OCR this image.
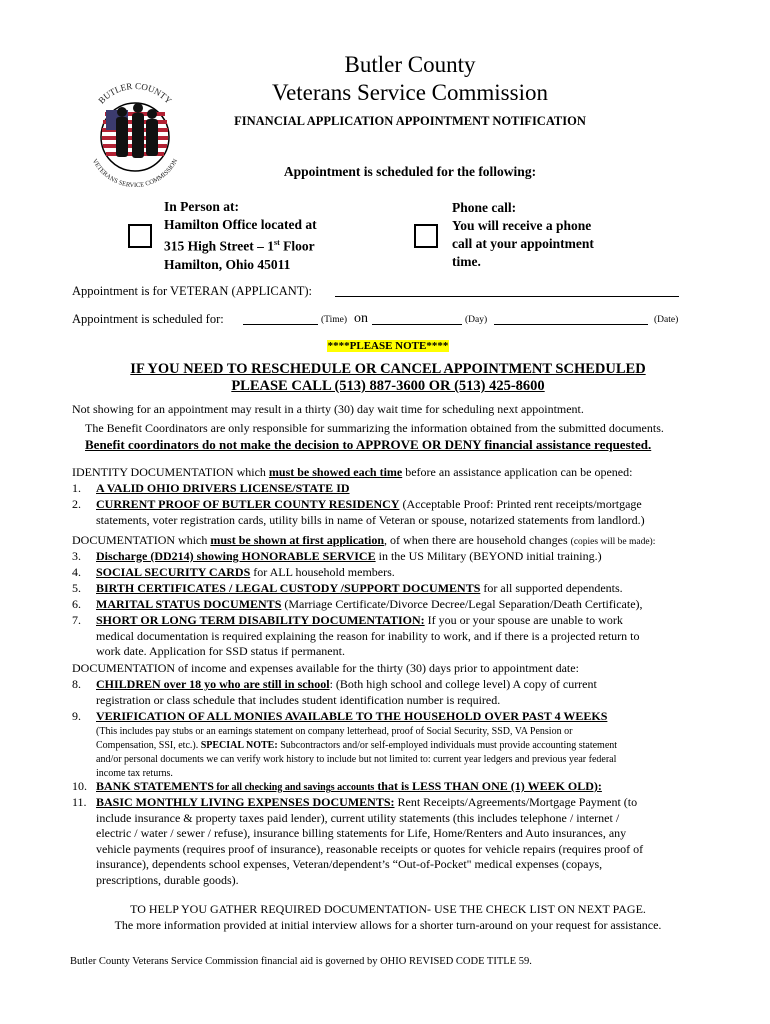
BUTLER COUNTY
VETERANS SERVICE COMMISSION
Butler County
Veterans Service Commission
FINANCIAL APPLICATION APPOINTMENT NOTIFICATION
Appointment is scheduled for the following:
In Person at:
Hamilton Office located at
315 High Street – 1st Floor
Hamilton, Ohio 45011
Phone call:
You will receive a phone
call at your appointment
time.
Appointment is for VETERAN (APPLICANT):
Appointment is scheduled for:	(Time) on	(Day)	(Date)
****PLEASE NOTE****
IF YOU NEED TO RESCHEDULE OR CANCEL APPOINTMENT SCHEDULED
PLEASE CALL (513) 887-3600 OR (513) 425-8600
Not showing for an appointment may result in a thirty (30) day wait time for scheduling next appointment.
The Benefit Coordinators are only responsible for summarizing the information obtained from the submitted documents.
Benefit coordinators do not make the decision to APPROVE OR DENY financial assistance requested.
IDENTITY DOCUMENTATION which must be showed each time before an assistance application can be opened:
1. A VALID OHIO DRIVERS LICENSE/STATE ID
2. CURRENT PROOF OF BUTLER COUNTY RESIDENCY (Acceptable Proof: Printed rent receipts/mortgage
statements, voter registration cards, utility bills in name of Veteran or spouse, notarized statements from landlord.)
DOCUMENTATION which must be shown at first application, of when there are household changes (copies will be made):
3. Discharge (DD214) showing HONORABLE SERVICE in the US Military (BEYOND initial training.)
4. SOCIAL SECURITY CARDS for ALL household members.
5. BIRTH CERTIFICATES / LEGAL CUSTODY /SUPPORT DOCUMENTS for all supported dependents.
6. MARITAL STATUS DOCUMENTS (Marriage Certificate/Divorce Decree/Legal Separation/Death Certificate),
7. SHORT OR LONG TERM DISABILITY DOCUMENTATION: If you or your spouse are unable to work
medical documentation is required explaining the reason for inability to work, and if there is a projected return to
work date. Application for SSD status if permanent.
DOCUMENTATION of income and expenses available for the thirty (30) days prior to appointment date:
8. CHILDREN over 18 yo who are still in school: (Both high school and college level) A copy of current
registration or class schedule that includes student identification number is required.
9. VERIFICATION OF ALL MONIES AVAILABLE TO THE HOUSEHOLD OVER PAST 4 WEEKS
(This includes pay stubs or an earnings statement on company letterhead, proof of Social Security, SSD, VA Pension or
Compensation, SSI, etc.). SPECIAL NOTE: Subcontractors and/or self-employed individuals must provide accounting statement
and/or personal documents we can verify work history to include but not limited to: current year ledgers and previous year federal
income tax returns.
10. BANK STATEMENTS for all checking and savings accounts that is LESS THAN ONE (1) WEEK OLD):
11. BASIC MONTHLY LIVING EXPENSES DOCUMENTS: Rent Receipts/Agreements/Mortgage Payment (to
include insurance & property taxes paid lender), current utility statements (this includes telephone / internet /
electric / water / sewer / refuse), insurance billing statements for Life, Home/Renters and Auto insurances, any
vehicle payments (requires proof of insurance), reasonable receipts or quotes for vehicle repairs (requires proof of
insurance), dependents school expenses, Veteran/dependent’s “Out-of-Pocket" medical expenses (copays,
prescriptions, durable goods).
TO HELP YOU GATHER REQUIRED DOCUMENTATION- USE THE CHECK LIST ON NEXT PAGE.
The more information provided at initial interview allows for a shorter turn-around on your request for assistance.
Butler County Veterans Service Commission financial aid is governed by OHIO REVISED CODE TITLE 59.
